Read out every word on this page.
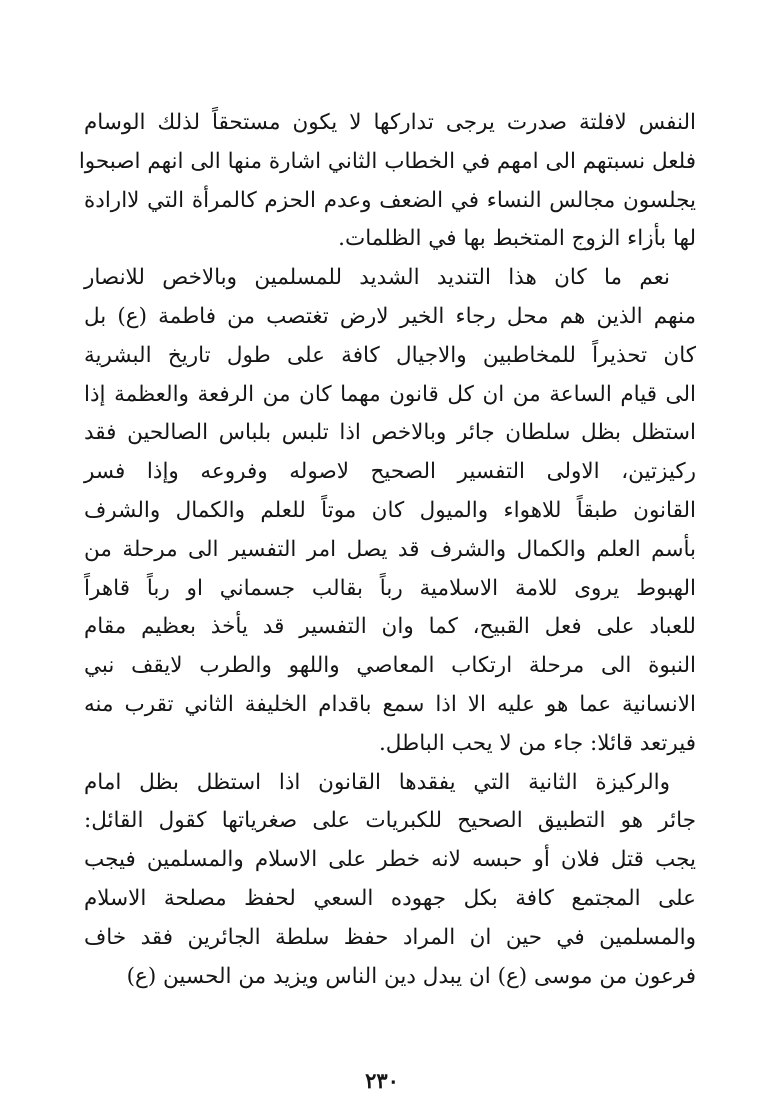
النفس لافلتة صدرت يرجى تداركها لا يكون مستحقاً لذلك الوسام
فلعل نسبتهم الى امهم في الخطاب الثاني اشارة منها الى انهم اصبحوا
يجلسون مجالس النساء في الضعف وعدم الحزم كالمرأة التي لاارادة
لها بأزاء الزوج المتخبط بها في الظلمات.
نعم ما كان هذا التنديد الشديد للمسلمين وبالاخص للانصار
منهم الذين هم محل رجاء الخير لارض تغتصب من فاطمة (ع) بل
كان تحذيراً للمخاطبين والاجيال كافة على طول تاريخ البشرية
الى قيام الساعة من ان كل قانون مهما كان من الرفعة والعظمة إذا
استظل بظل سلطان جائر وبالاخص اذا تلبس بلباس الصالحين فقد
ركيزتين، الاولى التفسير الصحيح لاصوله وفروعه وإذا فسر
القانون طبقاً للاهواء والميول كان موتاً للعلم والكمال والشرف
بأسم العلم والكمال والشرف قد يصل امر التفسير الى مرحلة من
الهبوط يروى للامة الاسلامية رباً بقالب جسماني او رباً قاهراً
للعباد على فعل القبيح، كما وان التفسير قد يأخذ بعظيم مقام
النبوة الى مرحلة ارتكاب المعاصي واللهو والطرب لايقف نبي
الانسانية عما هو عليه الا اذا سمع باقدام الخليفة الثاني تقرب منه
فيرتعد قائلا: جاء من لا يحب الباطل.
والركيزة الثانية التي يفقدها القانون اذا استظل بظل امام
جائر هو التطبيق الصحيح للكبريات على صغرياتها كقول القائل:
يجب قتل فلان أو حبسه لانه خطر على الاسلام والمسلمين فيجب
على المجتمع كافة بكل جهوده السعي لحفظ مصلحة الاسلام
والمسلمين في حين ان المراد حفظ سلطة الجائرين فقد خاف
فرعون من موسى (ع) ان يبدل دين الناس ويزيد من الحسين (ع)
٢٣٠
